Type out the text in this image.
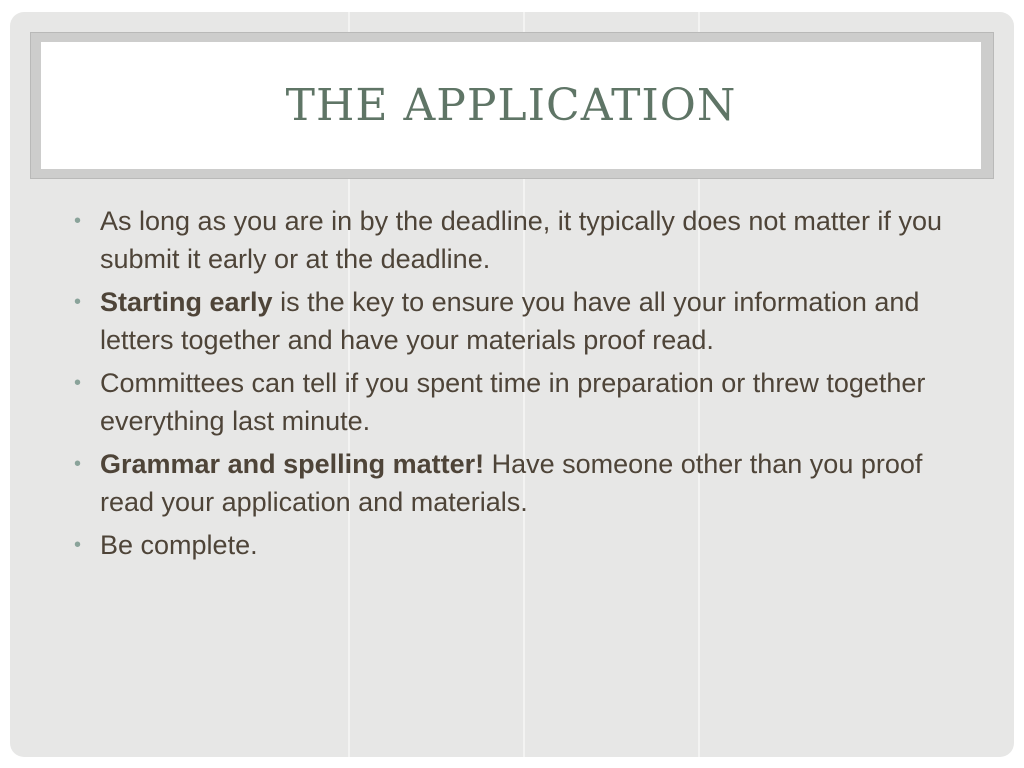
THE APPLICATION
• As long as you are in by the deadline, it typically does not matter if you submit it early or at the deadline.
• Starting early is the key to ensure you have all your information and letters together and have your materials proof read.
• Committees can tell if you spent time in preparation or threw together everything last minute.
• Grammar and spelling matter! Have someone other than you proof read your application and materials.
• Be complete.
